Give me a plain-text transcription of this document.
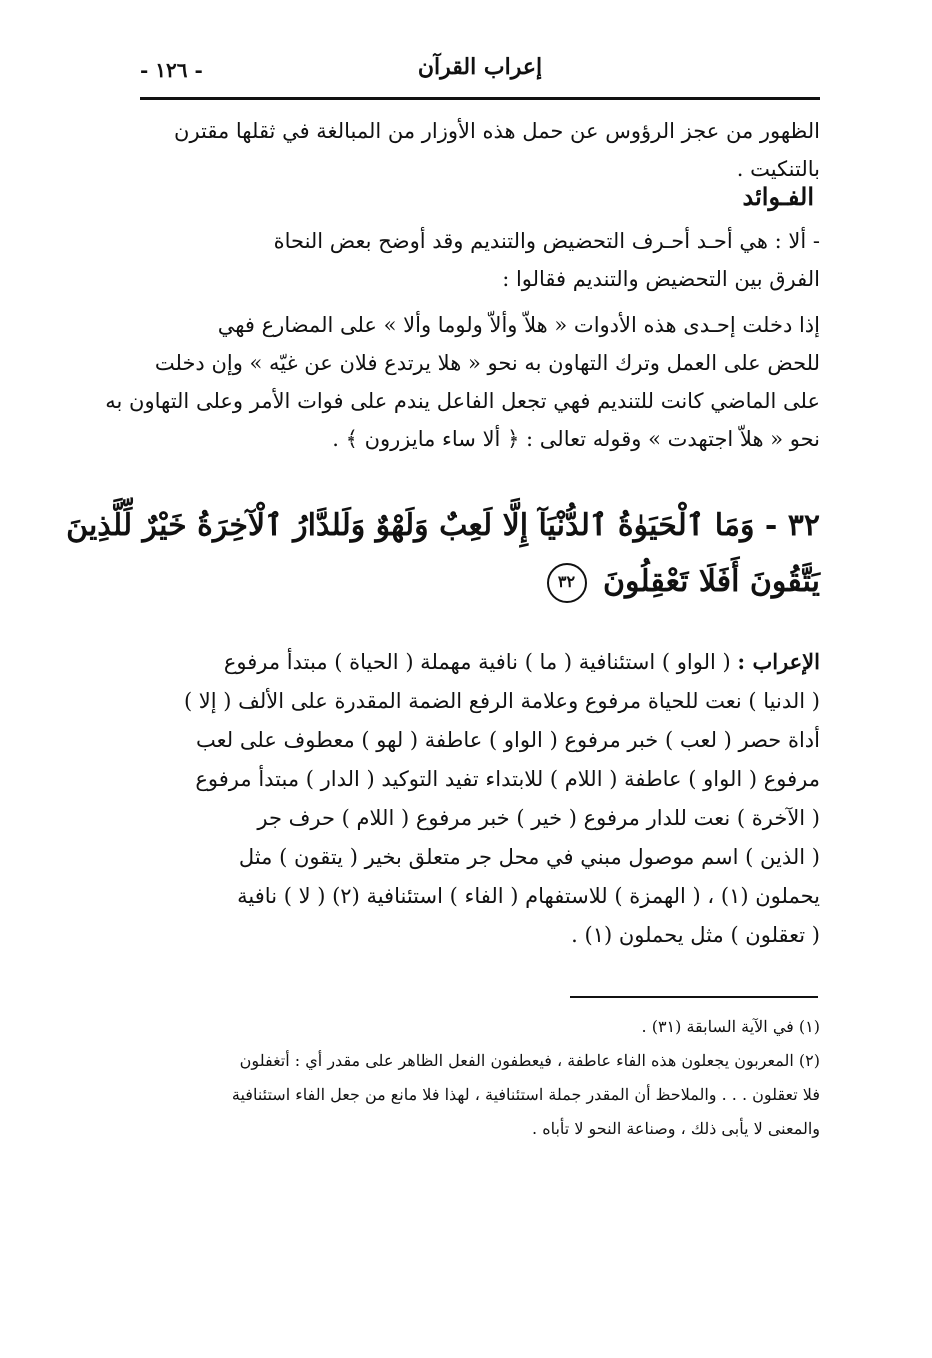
إعراب القرآن
- ١٢٦ -
الظهور من عجز الرؤوس عن حمل هذه الأوزار من المبالغة في ثقلها مقترن
بالتنكيت .
الفـوائد
- ألا : هي أحـد أحـرف التحضيض والتنديم وقد أوضح بعض النحاة
الفرق بين التحضيض والتنديم فقالوا :
إذا دخلت إحـدى هذه الأدوات « هلاّ وألاّ ولوما وألا » على المضارع فهي
للحض على العمل وترك التهاون به نحو « هلا يرتدع فلان عن غيّه » وإن دخلت
على الماضي كانت للتنديم فهي تجعل الفاعل يندم على فوات الأمر وعلى التهاون به
نحو « هلاّ اجتهدت » وقوله تعالى : ﴿ ألا ساء مايزرون ﴾ .
٣٢ - وَمَا ٱلْحَيَوٰةُ ٱلدُّنْيَآ إِلَّا لَعِبٌ وَلَهْوٌ وَلَلدَّارُ ٱلْآخِرَةُ خَيْرٌ لِّلَّذِينَ
يَتَّقُونَ أَفَلَا تَعْقِلُونَ ٣٢
الإعراب : ( الواو ) استئنافية ( ما ) نافية مهملة ( الحياة ) مبتدأ مرفوع
( الدنيا ) نعت للحياة مرفوع وعلامة الرفع الضمة المقدرة على الألف ( إلا )
أداة حصر ( لعب ) خبر مرفوع ( الواو ) عاطفة ( لهو ) معطوف على لعب
مرفوع ( الواو ) عاطفة ( اللام ) للابتداء تفيد التوكيد ( الدار ) مبتدأ مرفوع
( الآخرة ) نعت للدار مرفوع ( خير ) خبر مرفوع ( اللام ) حرف جر
( الذين ) اسم موصول مبني في محل جر متعلق بخير ( يتقون ) مثل
يحملون (١) ، ( الهمزة ) للاستفهام ( الفاء ) استئنافية (٢) ( لا ) نافية
( تعقلون ) مثل يحملون (١) .
(١) في الآية السابقة (٣١) .
(٢) المعربون يجعلون هذه الفاء عاطفة ، فيعطفون الفعل الظاهر على مقدر أي : أتغفلون
فلا تعقلون . . . والملاحظ أن المقدر جملة استئنافية ، لهذا فلا مانع من جعل الفاء استئنافية
والمعنى لا يأبى ذلك ، وصناعة النحو لا تأباه .
